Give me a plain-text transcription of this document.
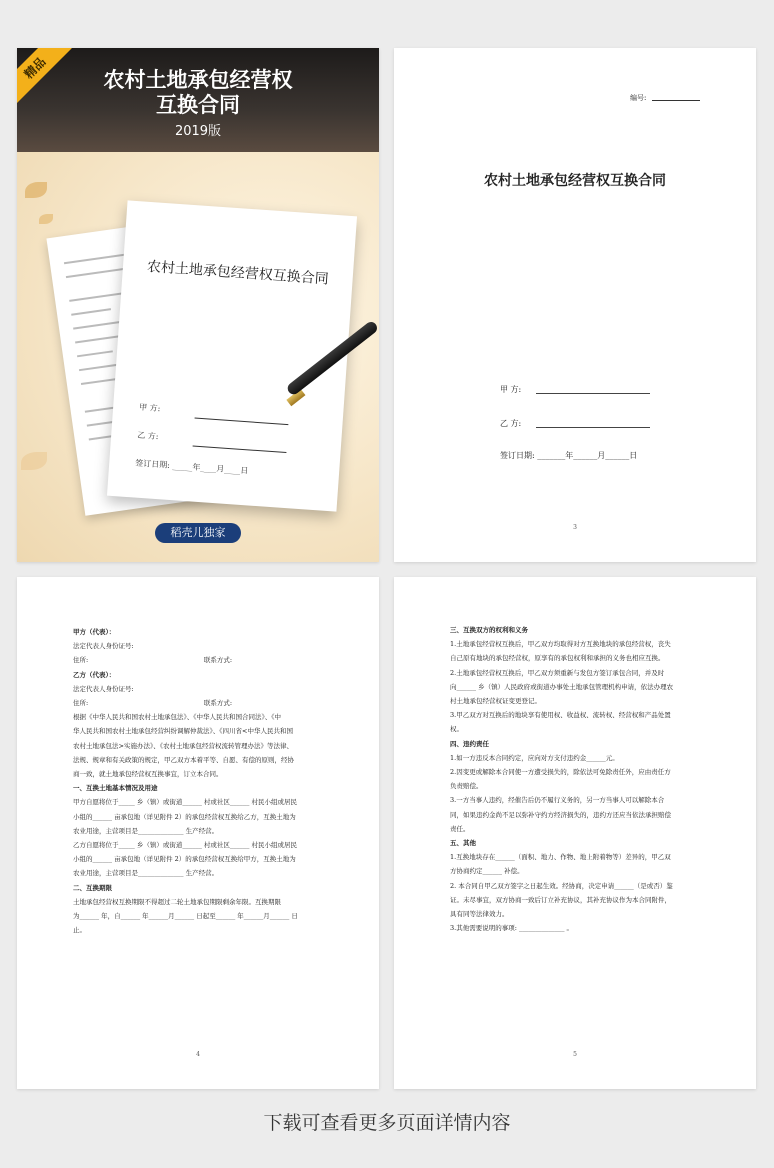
精品	农村土地承包经营权
互换合同
2019版
农村土地承包经营权互换合同
甲 方:
乙 方:
签订日期: _____年____月____日
稻壳儿独家
编号:
农村土地承包经营权互换合同
甲 方:
乙 方:
签订日期: _______年______月______日
3
甲方（代表）：
法定代表人身份证号:
住所:                                                        联系方式:
乙方（代表）：
法定代表人身份证号:
住所:                                                        联系方式:
根据《中华人民共和国农村土地承包法》、《中华人民共和国合同法》、《中
华人民共和国农村土地承包经营纠纷调解仲裁法》、《四川省<中华人民共和国
农村土地承包法>实施办法》、《农村土地承包经营权流转管理办法》等法律、
法规、规章和有关政策的规定，甲乙双方本着平等、自愿、有偿的原则，经协
商一致，就土地承包经营权互换事宜，订立本合同。
一、互换土地基本情况及用途
甲方自愿将位于_____ 乡（镇）或街道______ 村或社区______ 村民小组或居民
小组的______ 亩承包地（详见附件 2）的承包经营权互换给乙方，互换土地为
农业用途，主营项目是______________ 生产经营。
乙方自愿将位于_____ 乡（镇）或街道______ 村或社区______ 村民小组或居民
小组的______ 亩承包地（详见附件 2）的承包经营权互换给甲方，互换土地为
农业用途，主营项目是______________ 生产经营。
二、互换期限
土地承包经营权互换期限不得超过二轮土地承包期限剩余年限。互换期限
为______ 年，自______ 年______月______ 日起至______ 年______月______ 日
止。
4
三、互换双方的权利和义务
1.土地承包经营权互换后，甲乙双方均取得对方互换地块的承包经营权，丧失
自己原有地块的承包经营权，原享有的承包权利和承担的义务也相应互换。
2.土地承包经营权互换后，甲乙双方须重新与发包方签订承包合同，并及时
向______ 乡（镇）人民政府或街道办事处土地承包管理机构申请，依法办理农
村土地承包经营权证变更登记。
3.甲乙双方对互换后的地块享有使用权、收益权、流转权、经营权和产品处置
权。
四、违约责任
1.如一方违反本合同约定，应向对方支付违约金______元。
2.因变更或解除本合同使一方遭受损失的，除依法可免除责任外，应由责任方
负责赔偿。
3.一方当事人违约，经催告后仍不履行义务的，另一方当事人可以解除本合
同，如果违约金尚不足以弥补守约方经济损失的，违约方还应当依法承担赔偿
责任。
五、其他
1.互换地块存在______（面积、地力、作物、地上附着物等）差异的，甲乙双
方协商约定______ 补偿。
2. 本合同自甲乙双方签字之日起生效。经协商，决定申请______（是或否）鉴
证。未尽事宜，双方协商一致后订立补充协议，其补充协议作为本合同附件，
具有同等法律效力。
3.其他需要说明的事项: ______________ 。
5
下载可查看更多页面详情内容
